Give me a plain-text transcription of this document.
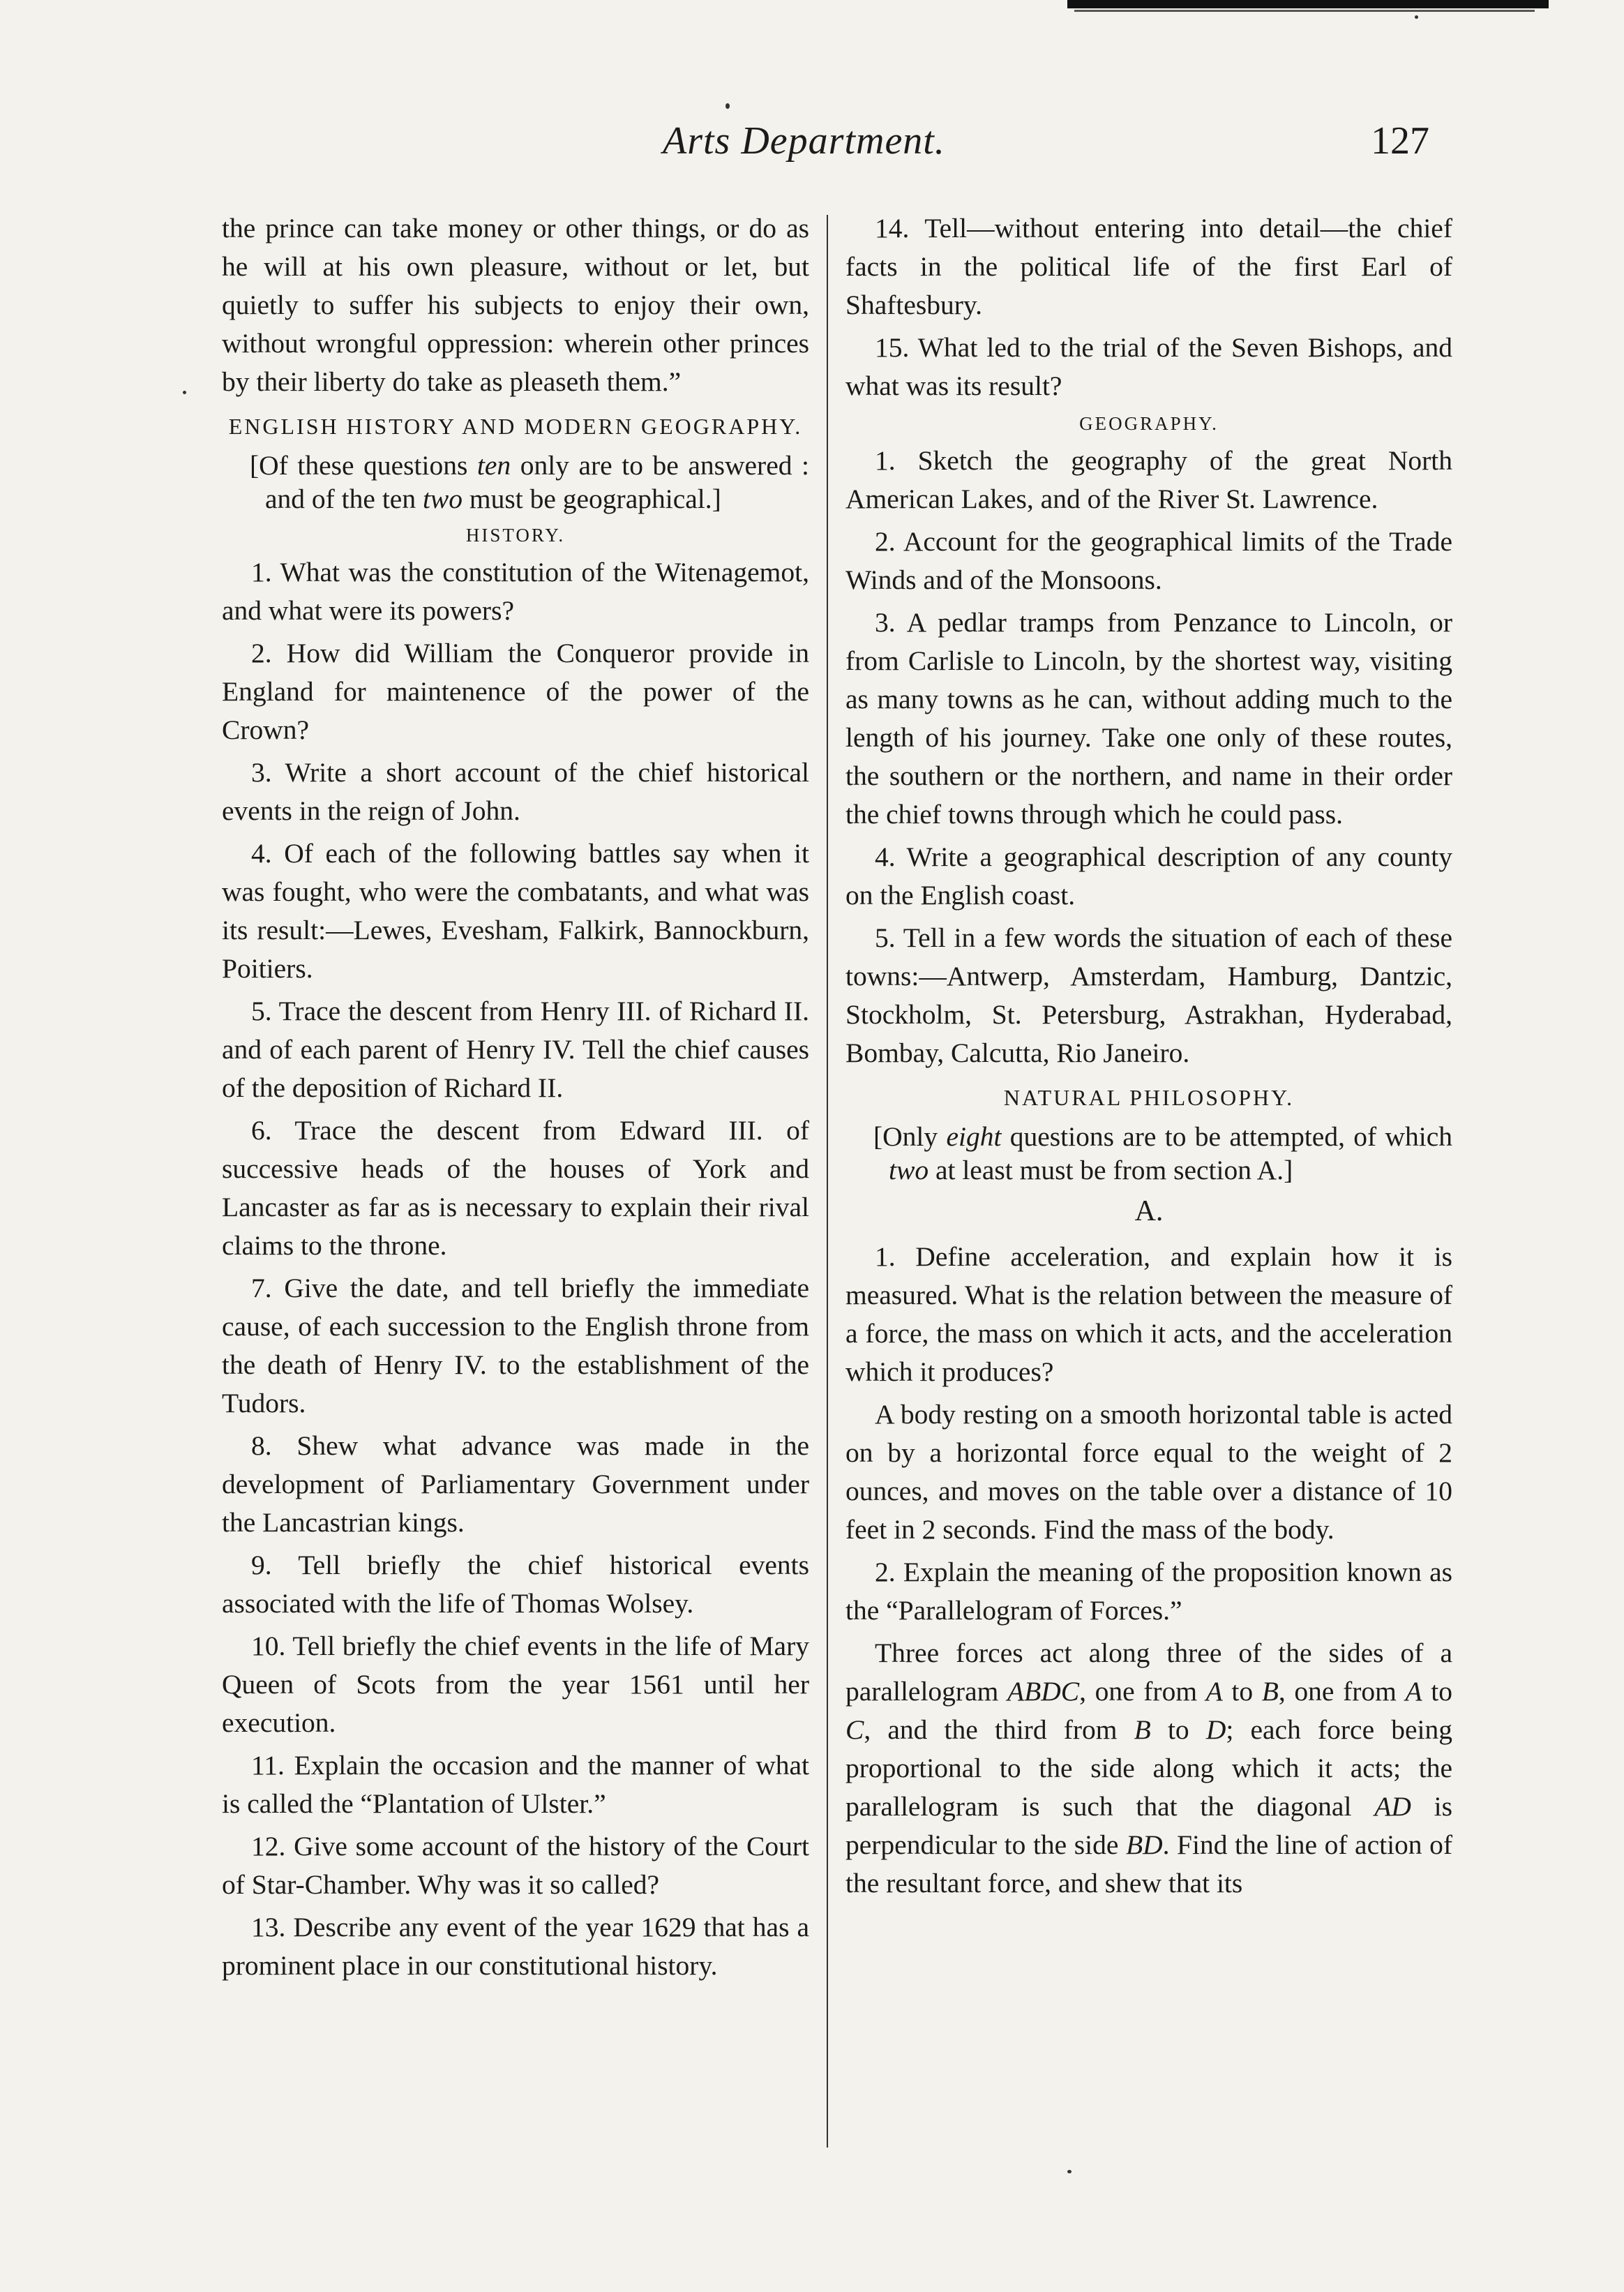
Arts Department.	127

the prince can take money or other things, or do as he will at his own pleasure, without or let, but quietly to suffer his subjects to enjoy their own, without wrongful oppression: wherein other princes by their liberty do take as pleaseth them.”

ENGLISH HISTORY AND MODERN GEOGRAPHY.

[Of these questions ten only are to be answered : and of the ten two must be geographical.]

HISTORY.

1. What was the constitution of the Witenagemot, and what were its powers?

2. How did William the Conqueror provide in England for maintenence of the power of the Crown?

3. Write a short account of the chief historical events in the reign of John.

4. Of each of the following battles say when it was fought, who were the combatants, and what was its result:—Lewes, Evesham, Falkirk, Bannockburn, Poitiers.

5. Trace the descent from Henry III. of Richard II. and of each parent of Henry IV. Tell the chief causes of the deposition of Richard II.

6. Trace the descent from Edward III. of successive heads of the houses of York and Lancaster as far as is necessary to explain their rival claims to the throne.

7. Give the date, and tell briefly the immediate cause, of each succession to the English throne from the death of Henry IV. to the establishment of the Tudors.

8. Shew what advance was made in the development of Parliamentary Government under the Lancastrian kings.

9. Tell briefly the chief historical events associated with the life of Thomas Wolsey.

10. Tell briefly the chief events in the life of Mary Queen of Scots from the year 1561 until her execution.

11. Explain the occasion and the manner of what is called the “Plantation of Ulster.”

12. Give some account of the history of the Court of Star-Chamber. Why was it so called?

13. Describe any event of the year 1629 that has a prominent place in our constitutional history.

14. Tell—without entering into detail—the chief facts in the political life of the first Earl of Shaftesbury.

15. What led to the trial of the Seven Bishops, and what was its result?

GEOGRAPHY.

1. Sketch the geography of the great North American Lakes, and of the River St. Lawrence.

2. Account for the geographical limits of the Trade Winds and of the Monsoons.

3. A pedlar tramps from Penzance to Lincoln, or from Carlisle to Lincoln, by the shortest way, visiting as many towns as he can, without adding much to the length of his journey. Take one only of these routes, the southern or the northern, and name in their order the chief towns through which he could pass.

4. Write a geographical description of any county on the English coast.

5. Tell in a few words the situation of each of these towns:—Antwerp, Amsterdam, Hamburg, Dantzic, Stockholm, St. Petersburg, Astrakhan, Hyderabad, Bombay, Calcutta, Rio Janeiro.

NATURAL PHILOSOPHY.

[Only eight questions are to be attempted, of which two at least must be from section A.]

A.

1. Define acceleration, and explain how it is measured. What is the relation between the measure of a force, the mass on which it acts, and the acceleration which it produces?

A body resting on a smooth horizontal table is acted on by a horizontal force equal to the weight of 2 ounces, and moves on the table over a distance of 10 feet in 2 seconds. Find the mass of the body.

2. Explain the meaning of the proposition known as the “Parallelogram of Forces.”

Three forces act along three of the sides of a parallelogram ABDC, one from A to B, one from A to C, and the third from B to D; each force being proportional to the side along which it acts; the parallelogram is such that the diagonal AD is perpendicular to the side BD. Find the line of action of the resultant force, and shew that its
